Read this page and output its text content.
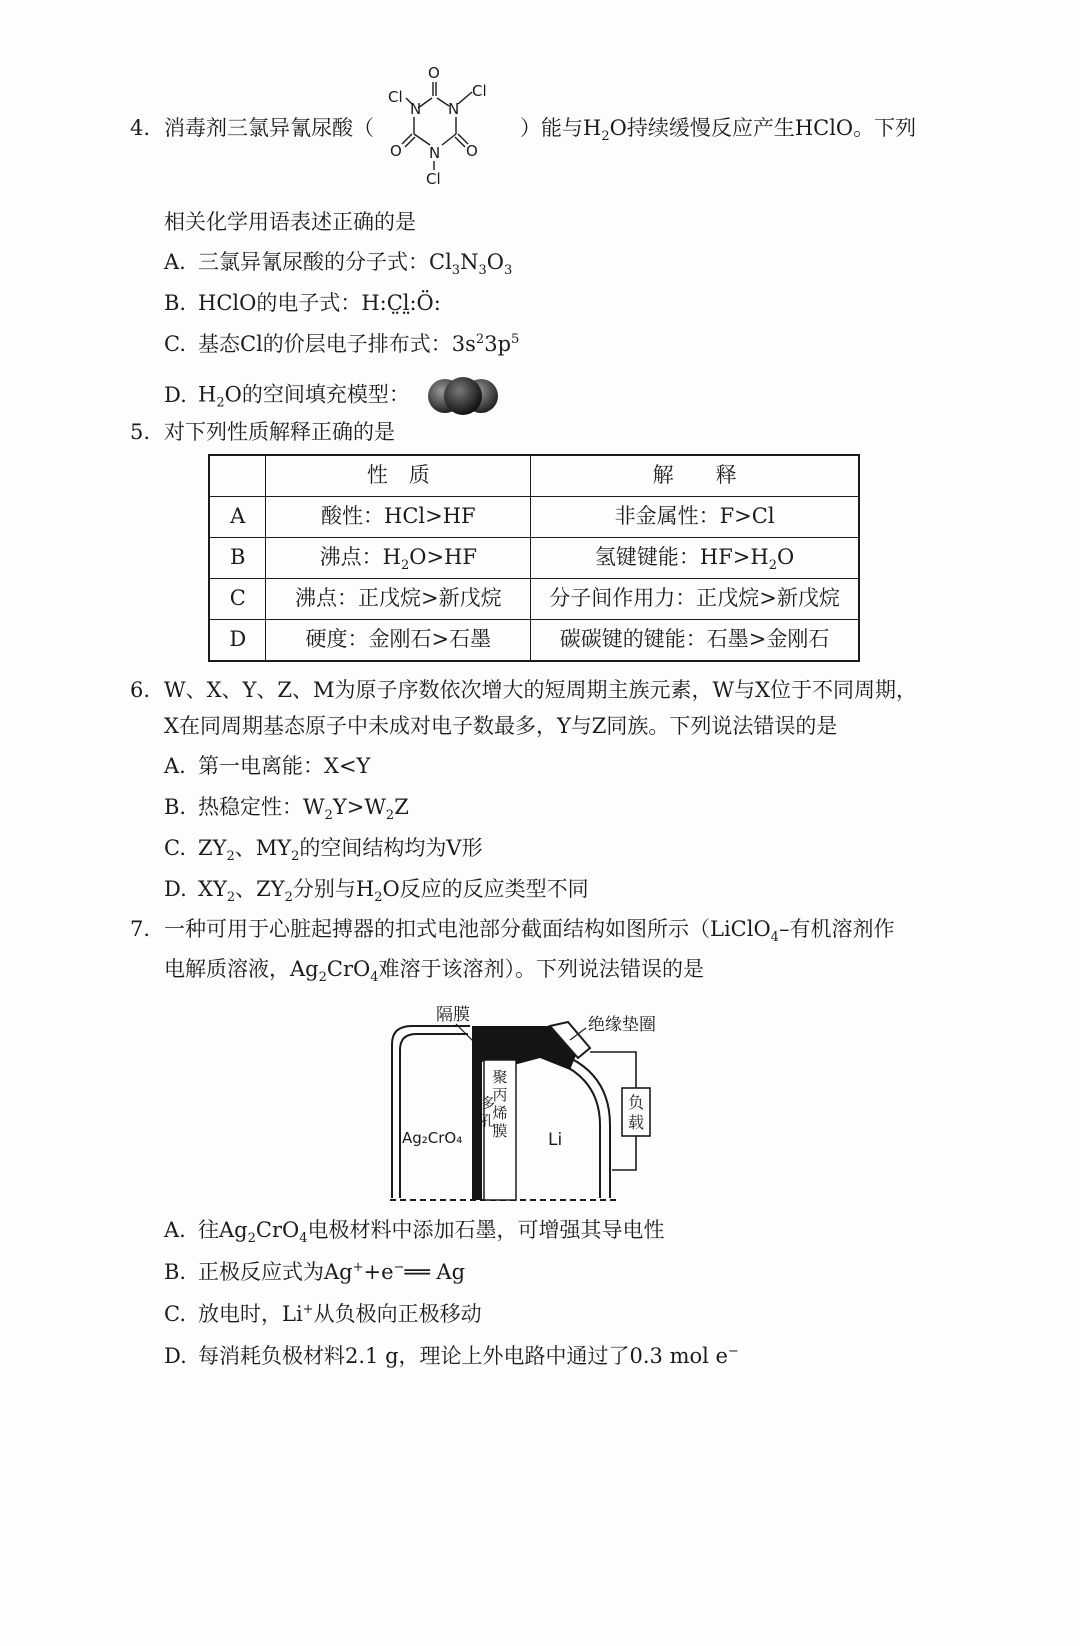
4. 消毒剂三氯异氰尿酸（
O
Cl	Cl
N N
O	O
N
Cl
）能与$H_2O$持续缓慢反应产生HClO。下列
相关化学用语表述正确的是
A. 三氯异氰尿酸的分子式：$Cl_3N_3O_3$
B. HClO的电子式：H:C̤l̤:Ö:
C. 基态Cl的价层电子排布式：$3s^23p^5$
D. $H_2O$的空间填充模型：
5. 对下列性质解释正确的是
	性　质	解　　释
A	酸性：HCl>HF	非金属性：F>Cl
B	沸点：$H_2O>HF$	氢键键能：$HF>H_2O$
C	沸点：正戊烷>新戊烷	分子间作用力：正戊烷>新戊烷
D	硬度：金刚石>石墨	碳碳键的键能：石墨>金刚石
6. W、X、Y、Z、M为原子序数依次增大的短周期主族元素，W与X位于不同周期，
X在同周期基态原子中未成对电子数最多，Y与Z同族。下列说法错误的是
A. 第一电离能：X<Y
B. 热稳定性：$W_2Y>W_2Z$
C. $ZY_2$、$MY_2$的空间结构均为V形
D. $XY_2$、$ZY_2$分别与$H_2O$反应的反应类型不同
7. 一种可用于心脏起搏器的扣式电池部分截面结构如图所示（LiClO$_4$–有机溶剂作
电解质溶液，$Ag_2CrO_4$难溶于该溶剂）。下列说法错误的是
隔膜	绝缘垫圈
Ag₂CrO₄	Li
聚
丙
烯
膜
多
孔
负
载
A. 往$Ag_2CrO_4$电极材料中添加石墨，可增强其导电性
B. 正极反应式为Ag++e−══ Ag
C. 放电时，Li+从负极向正极移动
D. 每消耗负极材料2.1 g，理论上外电路中通过了0.3 mol e−
